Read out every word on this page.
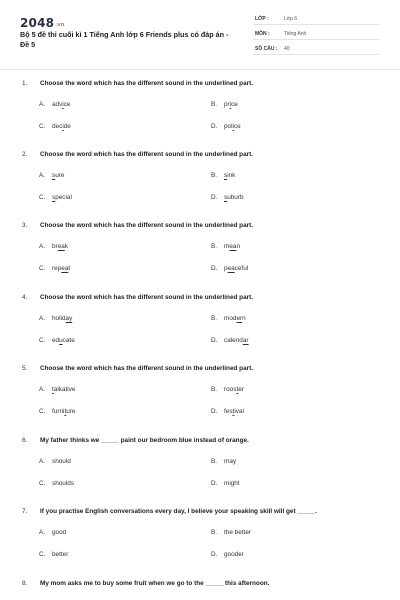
2048.vn
Bộ 5 đề thi cuối kì 1 Tiếng Anh lớp 6 Friends plus có đáp án - Đề 5
LỚP :	Lớp 6
MÔN :	Tiếng Anh
SỐ CÂU : 40
1. Choose the word which has the different sound in the underlined part.
A. advice	B. price
C. decide	D. police
2. Choose the word which has the different sound in the underlined part.
A. sure	B. sink
C. special	D. suburb
3. Choose the word which has the different sound in the underlined part.
A. break	B. mean
C. repeat	D. peaceful
4. Choose the word which has the different sound in the underlined part.
A. holiday	B. modern
C. educate	D. calendar
5. Choose the word which has the different sound in the underlined part.
A. talkative	B. rooster
C. furniture	D. festival
6. My father thinks we _____ paint our bedroom blue instead of orange.
A. should	B. may
C. shoulds	D. might
7. If you practise English conversations every day, I believe your speaking skill will get _____.
A. good	B. the better
C. better	D. gooder
8. My mom asks me to buy some fruit when we go to the _____ this afternoon.
